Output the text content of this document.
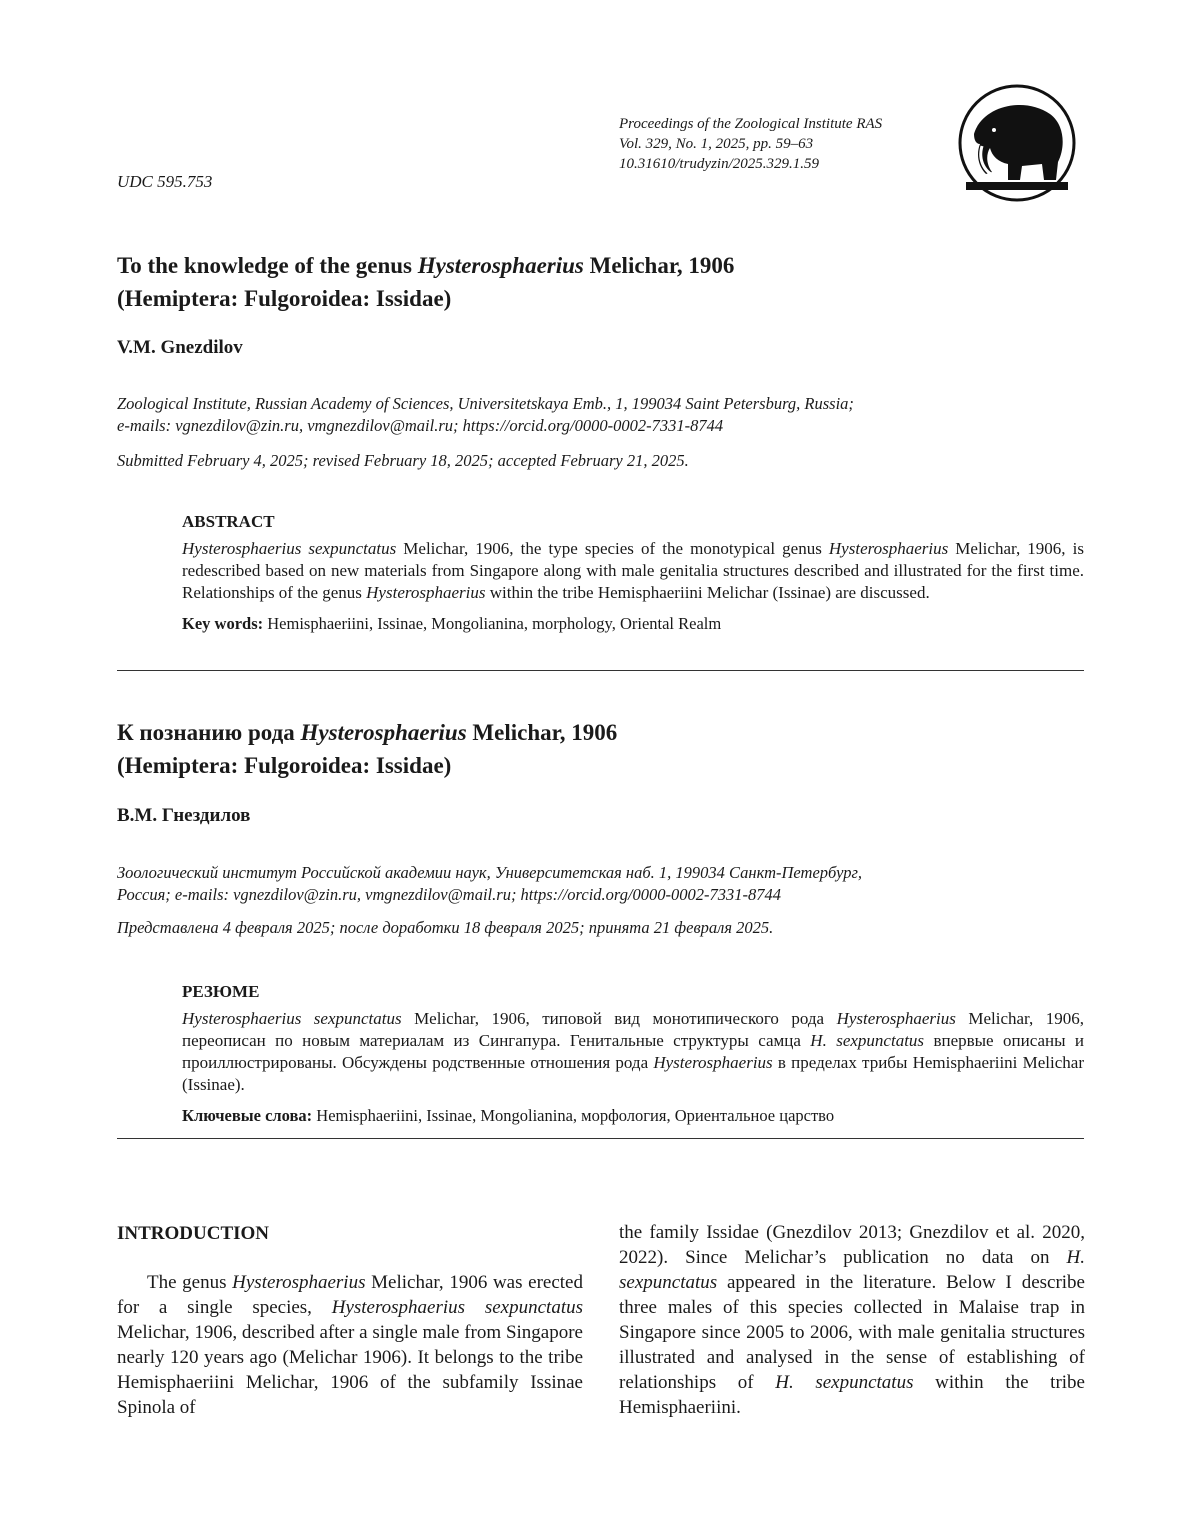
Proceedings of the Zoological Institute RAS
Vol. 329, No. 1, 2025, pp. 59–63
10.31610/trudyzin/2025.329.1.59
UDC 595.753
To the knowledge of the genus Hysterosphaerius Melichar, 1906
(Hemiptera: Fulgoroidea: Issidae)
V.M. Gnezdilov
Zoological Institute, Russian Academy of Sciences, Universitetskaya Emb., 1, 199034 Saint Petersburg, Russia;
e-mails: vgnezdilov@zin.ru, vmgnezdilov@mail.ru; https://orcid.org/0000-0002-7331-8744
Submitted February 4, 2025; revised February 18, 2025; accepted February 21, 2025.
ABSTRACT
Hysterosphaerius sexpunctatus Melichar, 1906, the type species of the monotypical genus Hysterosphaerius Melichar, 1906, is redescribed based on new materials from Singapore along with male genitalia structures described and illustrated for the first time. Relationships of the genus Hysterosphaerius within the tribe Hemisphaeriini Melichar (Issinae) are discussed.
Key words: Hemisphaeriini, Issinae, Mongolianina, morphology, Oriental Realm
К познанию рода Hysterosphaerius Melichar, 1906
(Hemiptera: Fulgoroidea: Issidae)
В.М. Гнездилов
Зоологический институт Российской академии наук, Университетская наб. 1, 199034 Санкт-Петербург,
Россия; e-mails: vgnezdilov@zin.ru, vmgnezdilov@mail.ru; https://orcid.org/0000-0002-7331-8744
Представлена 4 февраля 2025; после доработки 18 февраля 2025; принята 21 февраля 2025.
РЕЗЮМЕ
Hysterosphaerius sexpunctatus Melichar, 1906, типовой вид монотипического рода Hysterosphaerius Melichar, 1906, переописан по новым материалам из Сингапура. Генитальные структуры самца H. sexpunctatus впервые описаны и проиллюстрированы. Обсуждены родственные отношения рода Hysterosphaerius в пределах трибы Hemisphaeriini Melichar (Issinae).
Ключевые слова: Hemisphaeriini, Issinae, Mongolianina, морфология, Ориентальное царство
INTRODUCTION
The genus Hysterosphaerius Melichar, 1906 was erected for a single species, Hysterosphaerius sexpunctatus Melichar, 1906, described after a single male from Singapore nearly 120 years ago (Melichar 1906). It belongs to the tribe Hemisphaeriini Melichar, 1906 of the subfamily Issinae Spinola of
the family Issidae (Gnezdilov 2013; Gnezdilov et al. 2020, 2022). Since Melichar’s publication no data on H. sexpunctatus appeared in the literature. Below I describe three males of this species collected in Malaise trap in Singapore since 2005 to 2006, with male genitalia structures illustrated and analysed in the sense of establishing of relationships of H. sexpunctatus within the tribe Hemisphaeriini.
